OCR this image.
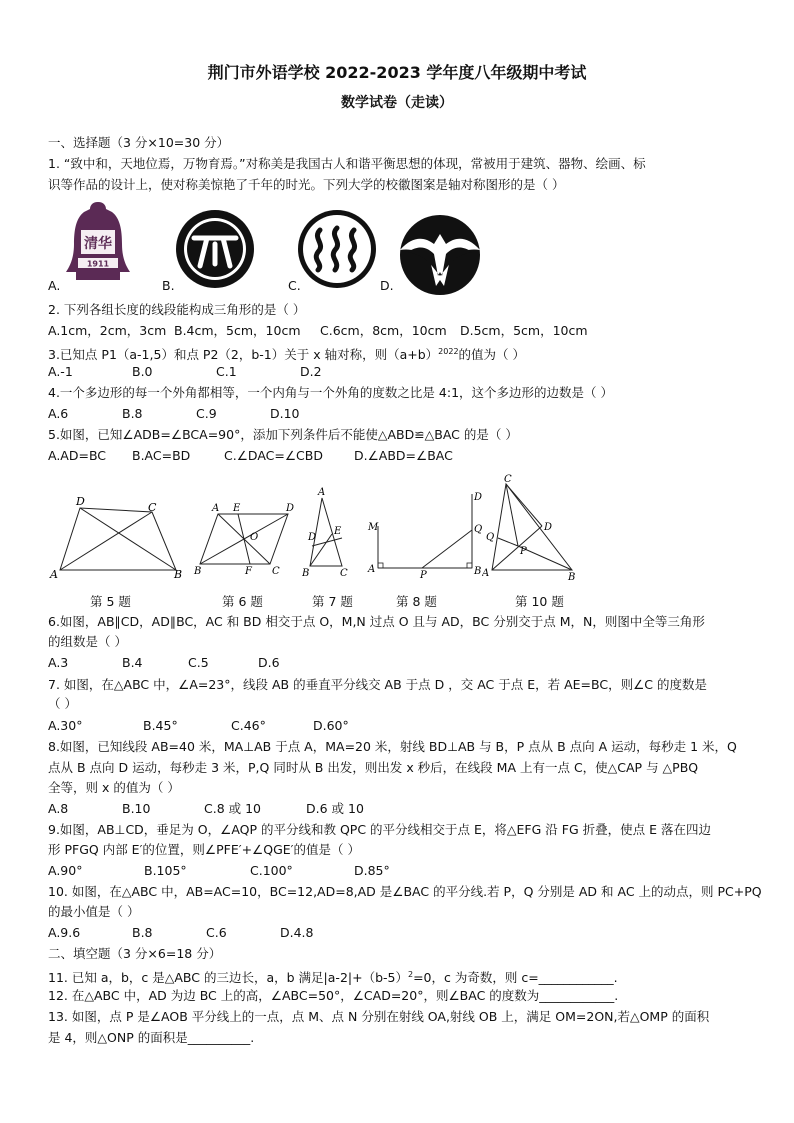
荆门市外语学校 2022-2023 学年度八年级期中考试
数学试卷（走读）
一、选择题（3 分×10=30 分）
1. “致中和，天地位焉，万物育焉。”对称美是我国古人和谐平衡思想的体现，常被用于建筑、器物、绘画、标
识等作品的设计上，使对称美惊艳了千年的时光。下列大学的校徽图案是轴对称图形的是（ ）
清华
1911
A.	B.	C.	D.
2. 下列各组长度的线段能构成三角形的是（ ）
A.1cm，2cm，3cm B.4cm，5cm，10cm C.6cm，8cm，10cm D.5cm，5cm，10cm
3.已知点 P1（a-1,5）和点 P2（2，b-1）关于 x 轴对称，则$(a+b)^{2022}$的值为（ ）
A.-1	B.0	C.1	D.2
4.一个多边形的每一个外角都相等，一个内角与一个外角的度数之比是 4:1，这个多边形的边数是（ ）
A.6	B.8	C.9	D.10
5.如图，已知∠ADB=∠BCA=90°，添加下列条件后不能使△ABD≌△BAC 的是（ ）
A.AD=BC B.AC=BD	C.∠DAC=∠CBD D.∠ABD=∠BAC
D	C
A	B
A E	D
O
B	F C
A
E
D
B	C
M
D
Q
A
P	B
C
D
Q
P
A	B
第 5 题	第 6 题	第 7 题	第 8 题	第 10 题
6.如图，AB∥CD，AD∥BC，AC 和 BD 相交于点 O，M,N 过点 O 且与 AD，BC 分别交于点 M，N，则图中全等三角形
的组数是（ ）
A.3	B.4	C.5	D.6
7. 如图，在△ABC 中，∠A=23°，线段 AB 的垂直平分线交 AB 于点 D ，交 AC 于点 E，若 AE=BC，则∠C 的度数是
（ ）
A.30°	B.45°	C.46°	D.60°
8.如图，已知线段 AB=40 米，MA⊥AB 于点 A，MA=20 米，射线 BD⊥AB 与 B，P 点从 B 点向 A 运动，每秒走 1 米，Q
点从 B 点向 D 运动，每秒走 3 米，P,Q 同时从 B 出发，则出发 x 秒后，在线段 MA 上有一点 C，使△CAP 与 △PBQ
全等，则 x 的值为（ ）
A.8	B.10	C.8 或 10	D.6 或 10
9.如图，AB⊥CD，垂足为 O，∠AQP 的平分线和教 QPC 的平分线相交于点 E，将△EFG 沿 FG 折叠，使点 E 落在四边
形 PFGQ 内部 E′的位置，则∠PFE′+∠QGE′的值是（ ）
A.90°	B.105°	C.100°	D.85°
10. 如图，在△ABC 中，AB=AC=10，BC=12,AD=8,AD 是∠BAC 的平分线.若 P，Q 分别是 AD 和 AC 上的动点，则 PC+PQ
的最小值是（ ）
A.9.6	B.8	C.6	D.4.8
二、填空题（3 分×6=18 分）
11. 已知 a，b，c 是△ABC 的三边长，a，b 满足$|a-2|+(b-5)^2=0$，c 为奇数，则 c=____________.
12. 在△ABC 中，AD 为边 BC 上的高，∠ABC=50°，∠CAD=20°，则∠BAC 的度数为____________.
13. 如图，点 P 是∠AOB 平分线上的一点，点 M、点 N 分别在射线 OA,射线 OB 上，满足 OM=2ON,若△OMP 的面积
是 4，则△ONP 的面积是__________.
